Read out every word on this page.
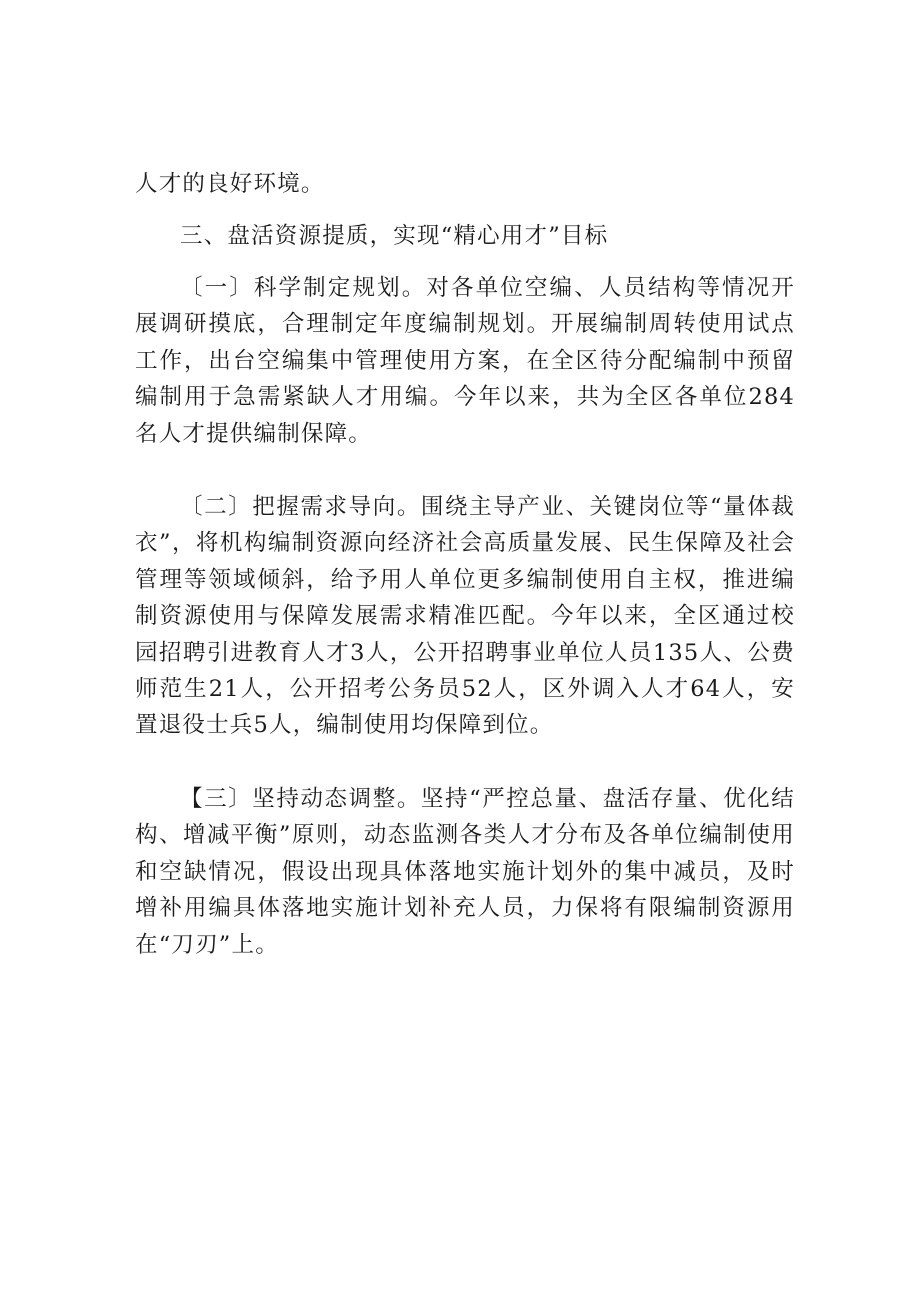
人才的良好环境。

三、盘活资源提质，实现“精心用才”目标

〔一〕科学制定规划。对各单位空编、人员结构等情况开展调研摸底，合理制定年度编制规划。开展编制周转使用试点工作，出台空编集中管理使用方案，在全区待分配编制中预留编制用于急需紧缺人才用编。今年以来，共为全区各单位284名人才提供编制保障。

〔二〕把握需求导向。围绕主导产业、关键岗位等“量体裁衣”，将机构编制资源向经济社会高质量发展、民生保障及社会管理等领域倾斜，给予用人单位更多编制使用自主权，推进编制资源使用与保障发展需求精准匹配。今年以来，全区通过校园招聘引进教育人才3人，公开招聘事业单位人员135人、公费师范生21人，公开招考公务员52人，区外调入人才64人，安置退役士兵5人，编制使用均保障到位。

【三〕坚持动态调整。坚持“严控总量、盘活存量、优化结构、增减平衡”原则，动态监测各类人才分布及各单位编制使用和空缺情况，假设出现具体落地实施计划外的集中减员，及时增补用编具体落地实施计划补充人员，力保将有限编制资源用在“刀刃”上。
